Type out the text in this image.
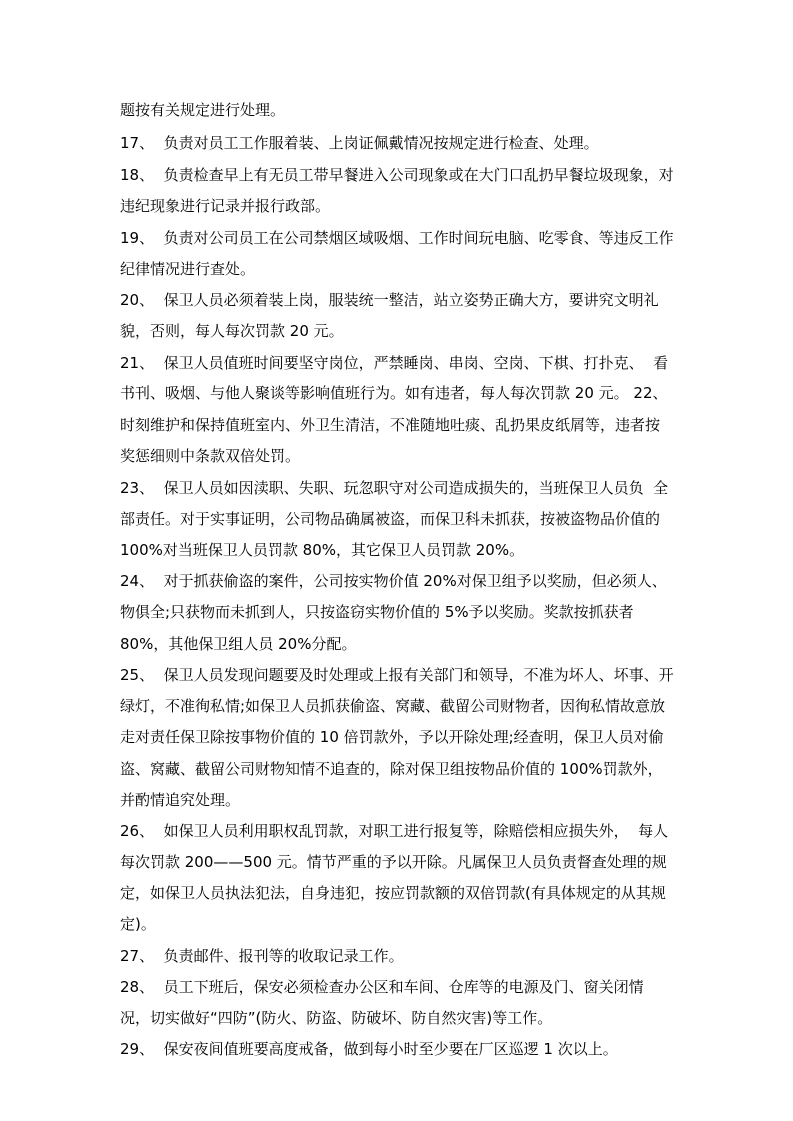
题按有关规定进行处理。
17、  负责对员工工作服着装、上岗证佩戴情况按规定进行检查、处理。
18、  负责检查早上有无员工带早餐进入公司现象或在大门口乱扔早餐垃圾现象，对
违纪现象进行记录并报行政部。
19、  负责对公司员工在公司禁烟区域吸烟、工作时间玩电脑、吃零食、等违反工作
纪律情况进行查处。
20、  保卫人员必须着装上岗，服装统一整洁，站立姿势正确大方，要讲究文明礼
貌，否则，每人每次罚款 20 元。
21、  保卫人员值班时间要坚守岗位，严禁睡岗、串岗、空岗、下棋、打扑克、  看
书刊、吸烟、与他人聚谈等影响值班行为。如有违者，每人每次罚款 20 元。 22、
时刻维护和保持值班室内、外卫生清洁，不准随地吐痰、乱扔果皮纸屑等，违者按
奖惩细则中条款双倍处罚。
23、  保卫人员如因渎职、失职、玩忽职守对公司造成损失的，当班保卫人员负  全
部责任。对于实事证明，公司物品确属被盗，而保卫科未抓获，按被盗物品价值的
100%对当班保卫人员罚款 80%，其它保卫人员罚款 20%。
24、  对于抓获偷盗的案件，公司按实物价值 20%对保卫组予以奖励，但必须人、
物俱全;只获物而未抓到人，只按盗窃实物价值的 5%予以奖励。奖款按抓获者
80%，其他保卫组人员 20%分配。
25、  保卫人员发现问题要及时处理或上报有关部门和领导，不准为坏人、坏事、开
绿灯，不准徇私情;如保卫人员抓获偷盗、窝藏、截留公司财物者，因徇私情故意放
走对责任保卫除按事物价值的 10 倍罚款外，予以开除处理;经查明，保卫人员对偷
盗、窝藏、截留公司财物知情不追查的，除对保卫组按物品价值的 100%罚款外，
并酌情追究处理。
26、  如保卫人员利用职权乱罚款，对职工进行报复等，除赔偿相应损失外，  每人
每次罚款 200——500 元。情节严重的予以开除。凡属保卫人员负责督查处理的规
定，如保卫人员执法犯法，自身违犯，按应罚款额的双倍罚款(有具体规定的从其规
定)。
27、  负责邮件、报刊等的收取记录工作。
28、  员工下班后，保安必须检查办公区和车间、仓库等的电源及门、窗关闭情
况，切实做好“四防”(防火、防盗、防破坏、防自然灾害)等工作。
29、  保安夜间值班要高度戒备，做到每小时至少要在厂区巡逻 1 次以上。
